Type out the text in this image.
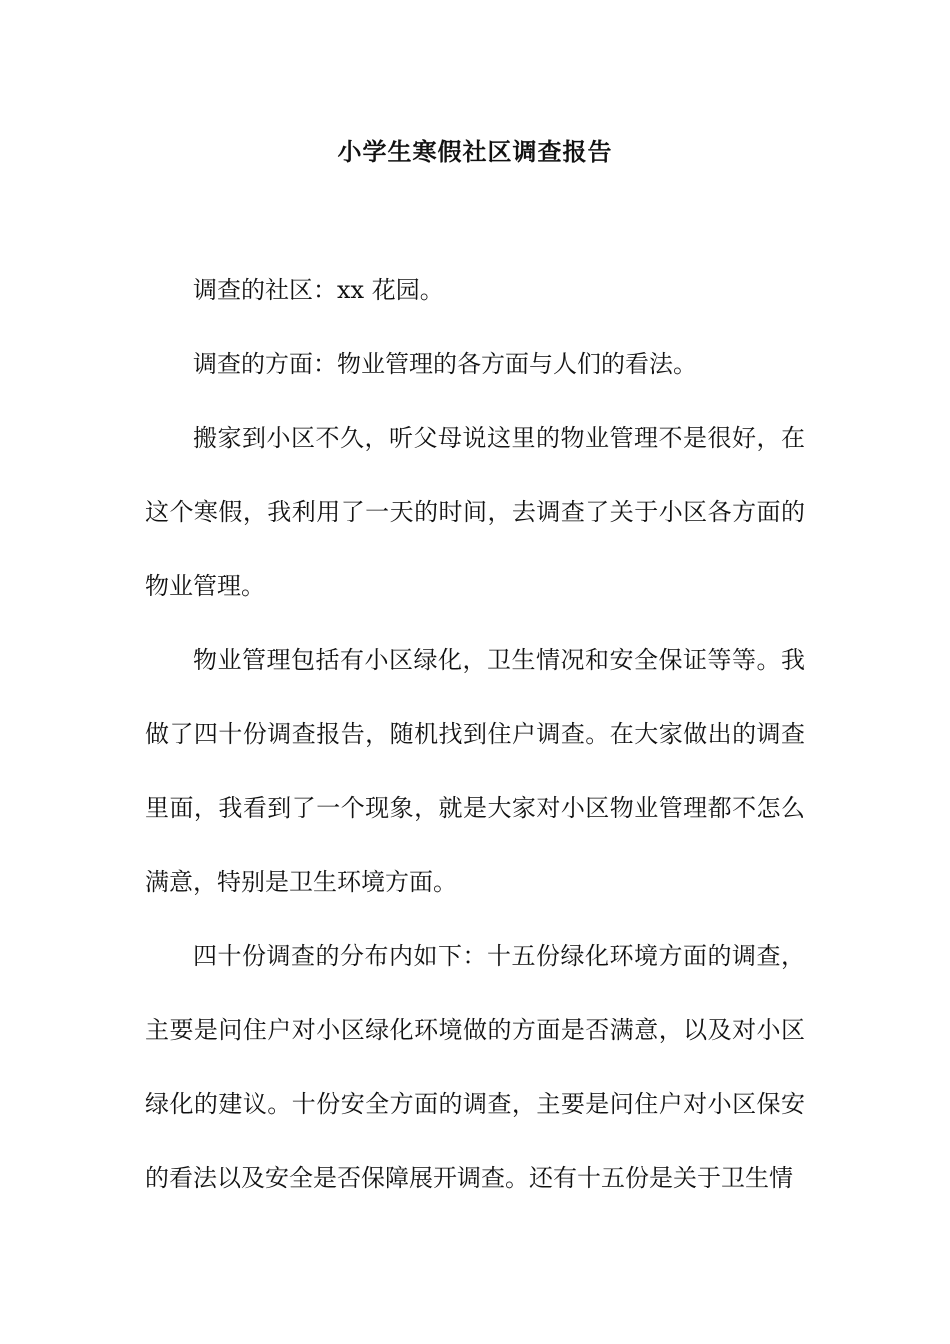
小学生寒假社区调查报告

调查的社区：xx 花园。

调查的方面：物业管理的各方面与人们的看法。

搬家到小区不久，听父母说这里的物业管理不是很好，在这个寒假，我利用了一天的时间，去调查了关于小区各方面的物业管理。

物业管理包括有小区绿化，卫生情况和安全保证等等。我做了四十份调查报告，随机找到住户调查。在大家做出的调查里面，我看到了一个现象，就是大家对小区物业管理都不怎么满意，特别是卫生环境方面。

四十份调查的分布内如下：十五份绿化环境方面的调查，主要是问住户对小区绿化环境做的方面是否满意，以及对小区绿化的建议。十份安全方面的调查，主要是问住户对小区保安的看法以及安全是否保障展开调查。还有十五份是关于卫生情
